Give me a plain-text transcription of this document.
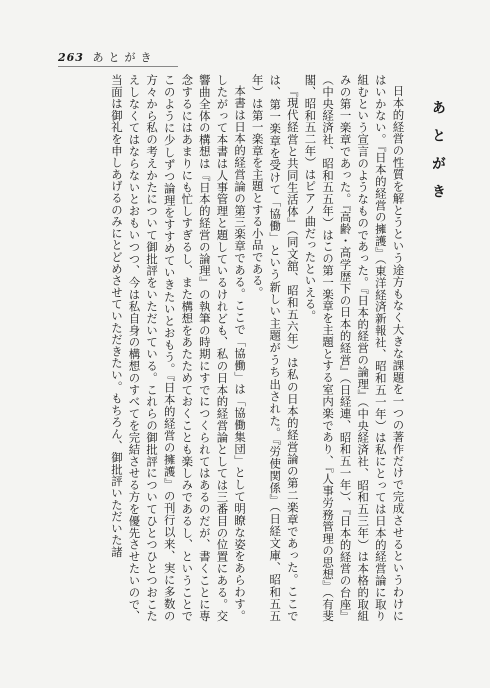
263 あとがき
あとがき

日本的経営の性質を解とうという途方もなく大きな課題を一つの著作だけで完成させるというわけにはいかない。『日本的経営の擁護』（東洋経済新報社、昭和五一年）は私にとっては日本的経営論に取り組むという宣言のようなものであった。『日本的経営の論理』（中央経済社、昭和五三年）は本格的取組みの第一楽章であった。『高齢・高学歴下の日本的経営』（日経連、昭和五一年）、『日本的経営の台座』（中央経済社、昭和五五年）はこの第一楽章を主題とする室内楽であり、『人事労務管理の思想』（有斐閣、昭和五二年）はピアノ曲だったといえる。

『現代経営と共同生活体』（同文舘、昭和五六年）は私の日本的経営論の第二楽章であった。ここでは、第一楽章を受けて「協働」という新しい主題がうち出された。『労使関係』（日経文庫、昭和五五年）は第一楽章を主題とする小品である。

本書は日本的経営論の第三楽章である。ここで「協働」は「協働集団」として明瞭な姿をあらわす。したがって本書は人事管理と題しているけれども、私の日本的経営論としては三番目の位置にある。交響曲全体の構想は『日本的経営の論理』の執筆の時期にすでにつくられてはあるのだが、書くことに専念するにはあまりにも忙しすぎるし、また構想をあたためておくことも楽しみであるし、ということでこのように少しずつ論理をすすめていきたいとおもう。『日本的経営の擁護』の刊行以来、実に多数の方々から私の考えかたについて御批評をいただいている。これらの御批評についてひとつひとつおこたえしなくてはならないとおもいつつ、今は私自身の構想のすべてを完結させる方を優先させたいので、当面は御礼を申しあげるのみにとどめさせていただきたい。もちろん、御批評いただいた諸
